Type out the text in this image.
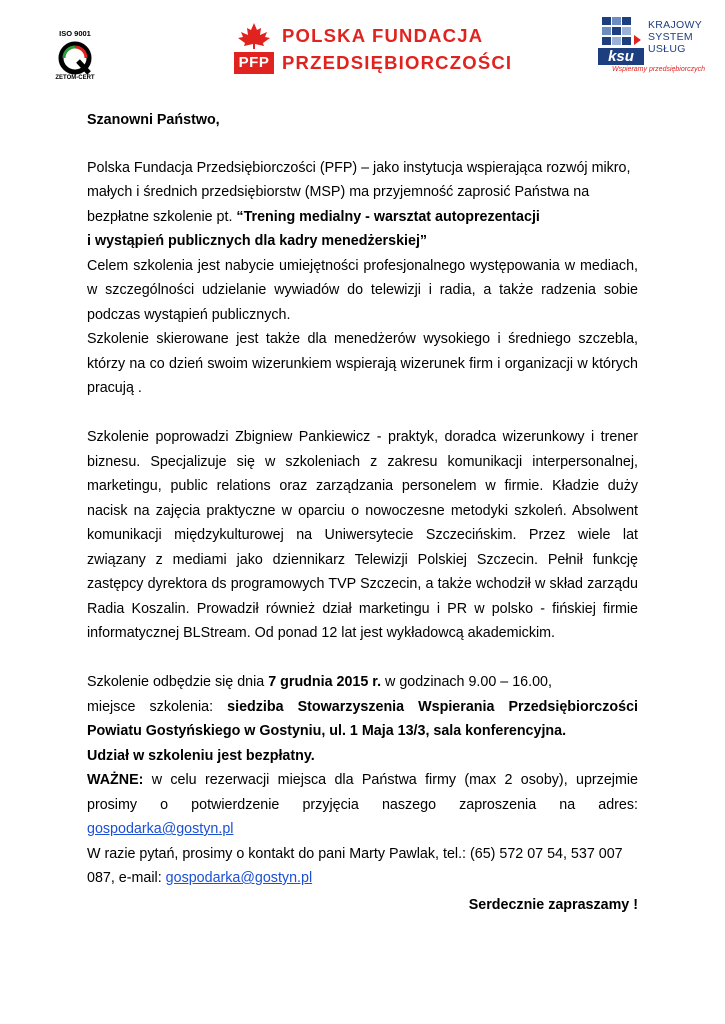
ISO 9001
ZETOM-CERT
PFP
POLSKA FUNDACJA
PRZEDSIĘBIORCZOŚCI	ksu
KRAJOWY
SYSTEM
USŁUG
Wspieramy przedsiębiorczych

Szanowni Państwo,

Polska Fundacja Przedsiębiorczości (PFP) – jako instytucja wspierająca rozwój mikro, małych i średnich przedsiębiorstw (MSP) ma przyjemność zaprosić Państwa na bezpłatne szkolenie pt. “Trening medialny - warsztat autoprezentacji
i wystąpień publicznych dla kadry menedżerskiej”

Celem szkolenia jest nabycie umiejętności profesjonalnego występowania w mediach, w szczególności udzielanie wywiadów do telewizji i radia, a także radzenia sobie podczas wystąpień publicznych.

Szkolenie skierowane jest także dla menedżerów wysokiego i średniego szczebla, którzy na co dzień swoim wizerunkiem wspierają wizerunek firm i organizacji w których pracują .

Szkolenie poprowadzi Zbigniew Pankiewicz - praktyk, doradca wizerunkowy i trener biznesu. Specjalizuje się w szkoleniach z zakresu komunikacji interpersonalnej, marketingu, public relations oraz zarządzania personelem w firmie. Kładzie duży nacisk na zajęcia praktyczne w oparciu o nowoczesne metodyki szkoleń. Absolwent komunikacji międzykulturowej na Uniwersytecie Szczecińskim. Przez wiele lat związany z mediami jako dziennikarz Telewizji Polskiej Szczecin. Pełnił funkcję zastępcy dyrektora ds programowych TVP Szczecin, a także wchodził w skład zarządu Radia Koszalin. Prowadził również dział marketingu i PR w polsko - fińskiej firmie informatycznej BLStream. Od ponad 12 lat jest wykładowcą akademickim.

Szkolenie odbędzie się dnia 7 grudnia 2015 r. w godzinach 9.00 – 16.00,

miejsce szkolenia: siedziba Stowarzyszenia Wspierania Przedsiębiorczości Powiatu Gostyńskiego w Gostyniu, ul. 1 Maja 13/3, sala konferencyjna.

Udział w szkoleniu jest bezpłatny.

WAŻNE: w celu rezerwacji miejsca dla Państwa firmy (max 2 osoby), uprzejmie prosimy o potwierdzenie przyjęcia naszego zaproszenia na adres: gospodarka@gostyn.pl

W razie pytań, prosimy o kontakt do pani Marty Pawlak, tel.: (65) 572 07 54, 537 007 087, e-mail: gospodarka@gostyn.pl

Serdecznie zapraszamy !
